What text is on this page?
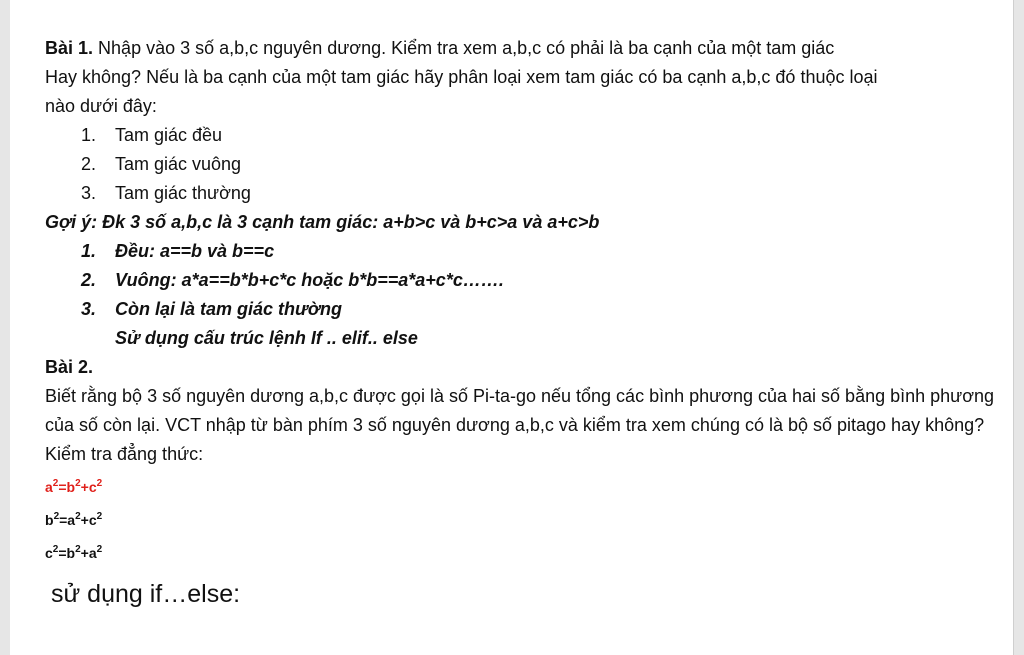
Bài 1. Nhập vào 3 số a,b,c nguyên dương. Kiểm tra xem a,b,c có phải là ba cạnh của một tam giác

Hay không? Nếu là ba cạnh của một tam giác hãy phân loại xem tam giác có ba cạnh a,b,c đó thuộc loại

nào dưới đây:

1.	Tam giác đều
2.	Tam giác vuông
3.	Tam giác thường

Gợi ý: Đk 3 số a,b,c là 3 cạnh tam giác: a+b>c và b+c>a và a+c>b

1.	Đều: a==b và b==c
2.	Vuông: a*a==b*b+c*c hoặc b*b==a*a+c*c…….
3.	Còn lại là tam giác thường

Sử dụng cấu trúc lệnh If .. elif.. else

Bài 2.

Biết rằng bộ 3 số nguyên dương a,b,c được gọi là số Pi-ta-go nếu tổng các bình phương của hai số bằng bình phương của số còn lại. VCT nhập từ bàn phím 3 số nguyên dương a,b,c và kiểm tra xem chúng có là bộ số pitago hay không?

Kiểm tra đẳng thức:

$a^2=b^2+c^2$

$b^2=a^2+c^2$

$c^2=b^2+a^2$

sử dụng if…else:
